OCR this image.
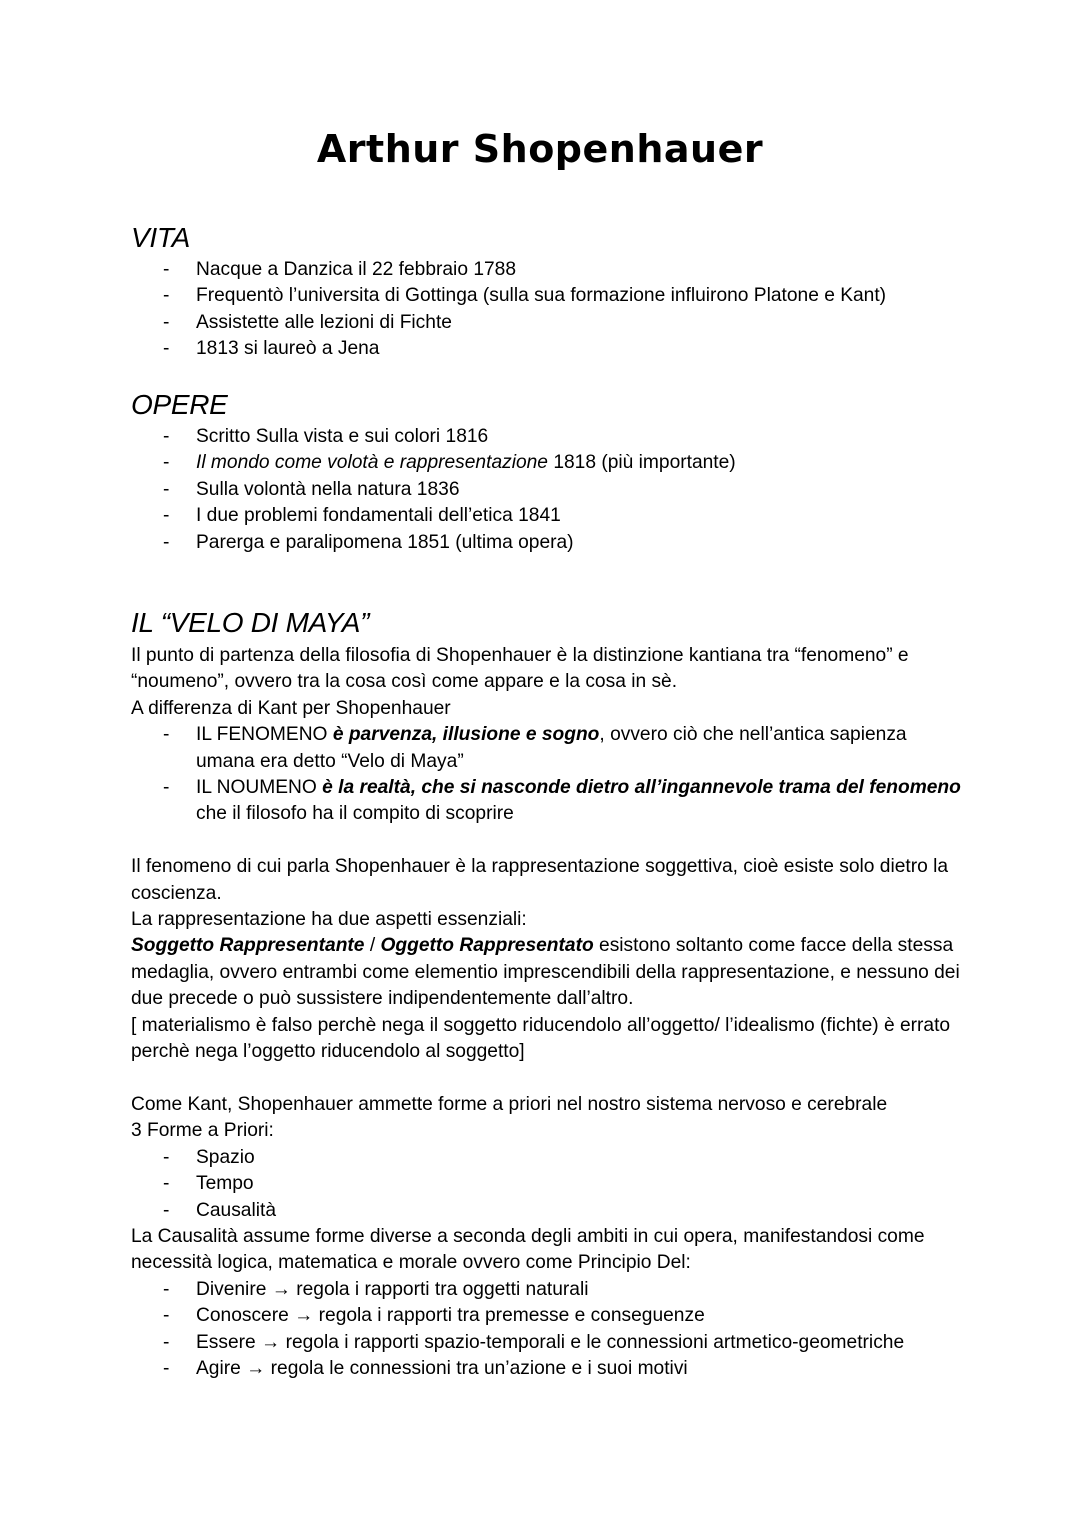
Arthur Shopenhauer
VITA
- Nacque a Danzica il 22 febbraio 1788
- Frequentò l’universita di Gottinga (sulla sua formazione influirono Platone e Kant)
- Assistette alle lezioni di Fichte
- 1813 si laureò a Jena
OPERE
- Scritto Sulla vista e sui colori 1816
- Il mondo come volotà e rappresentazione 1818 (più importante)
- Sulla volontà nella natura 1836
- I due problemi fondamentali dell’etica 1841
- Parerga e paralipomena 1851 (ultima opera)
IL “VELO DI MAYA”

Il punto di partenza della filosofia di Shopenhauer è la distinzione kantiana tra “fenomeno” e “noumeno”, ovvero tra la cosa così come appare e la cosa in sè.

A differenza di Kant per Shopenhauer

- IL FENOMENO è parvenza, illusione e sogno, ovvero ciò che nell’antica sapienza umana era detto “Velo di Maya”
- IL NOUMENO è la realtà, che si nasconde dietro all’ingannevole trama del fenomeno che il filosofo ha il compito di scoprire

Il fenomeno di cui parla Shopenhauer è la rappresentazione soggettiva, cioè esiste solo dietro la coscienza.

La rappresentazione ha due aspetti essenziali:

Soggetto Rappresentante / Oggetto Rappresentato esistono soltanto come facce della stessa medaglia, ovvero entrambi come elementio imprescendibili della rappresentazione, e nessuno dei due precede o può sussistere indipendentemente dall’altro.

[ materialismo è falso perchè nega il soggetto riducendolo all’oggetto/ l’idealismo (fichte) è errato perchè nega l’oggetto riducendolo al soggetto]

Come Kant, Shopenhauer ammette forme a priori nel nostro sistema nervoso e cerebrale

3 Forme a Priori:

- Spazio
- Tempo
- Causalità

La Causalità assume forme diverse a seconda degli ambiti in cui opera, manifestandosi come necessità logica, matematica e morale ovvero come Principio Del:

- Divenire → regola i rapporti tra oggetti naturali
- Conoscere → regola i rapporti tra premesse e conseguenze
- Essere → regola i rapporti spazio-temporali e le connessioni artmetico-geometriche
- Agire → regola le connessioni tra un’azione e i suoi motivi
